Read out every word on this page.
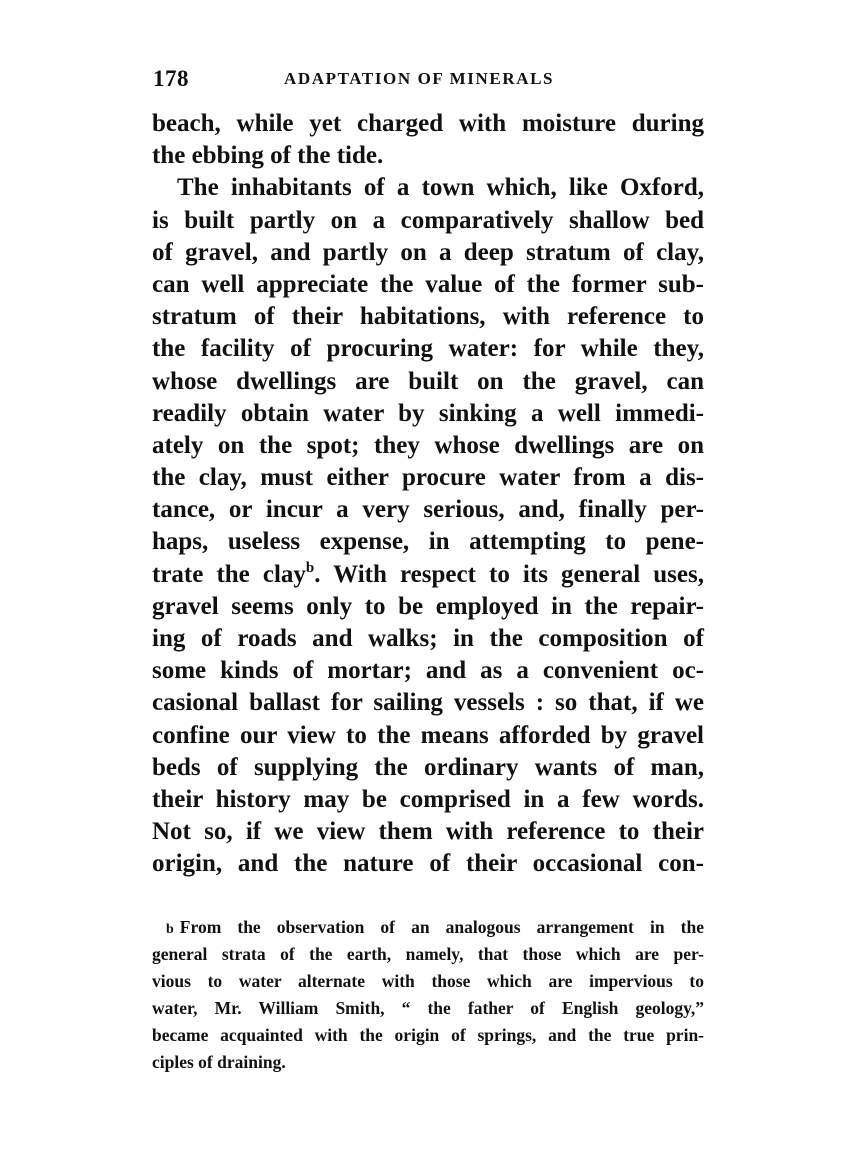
178	ADAPTATION OF MINERALS
beach, while yet charged with moisture during
the ebbing of the tide.
The inhabitants of a town which, like Oxford,
is built partly on a comparatively shallow bed
of gravel, and partly on a deep stratum of clay,
can well appreciate the value of the former sub-
stratum of their habitations, with reference to
the facility of procuring water: for while they,
whose dwellings are built on the gravel, can
readily obtain water by sinking a well immedi-
ately on the spot; they whose dwellings are on
the clay, must either procure water from a dis-
tance, or incur a very serious, and, finally per-
haps, useless expense, in attempting to pene-
trate the clay$^b$. With respect to its general uses,
gravel seems only to be employed in the repair-
ing of roads and walks; in the composition of
some kinds of mortar; and as a convenient oc-
casional ballast for sailing vessels : so that, if we
confine our view to the means afforded by gravel
beds of supplying the ordinary wants of man,
their history may be comprised in a few words.
Not so, if we view them with reference to their
origin, and the nature of their occasional con-
b From the observation of an analogous arrangement in the
general strata of the earth, namely, that those which are per-
vious to water alternate with those which are impervious to
water, Mr. William Smith, “ the father of English geology,”
became acquainted with the origin of springs, and the true prin-
ciples of draining.
